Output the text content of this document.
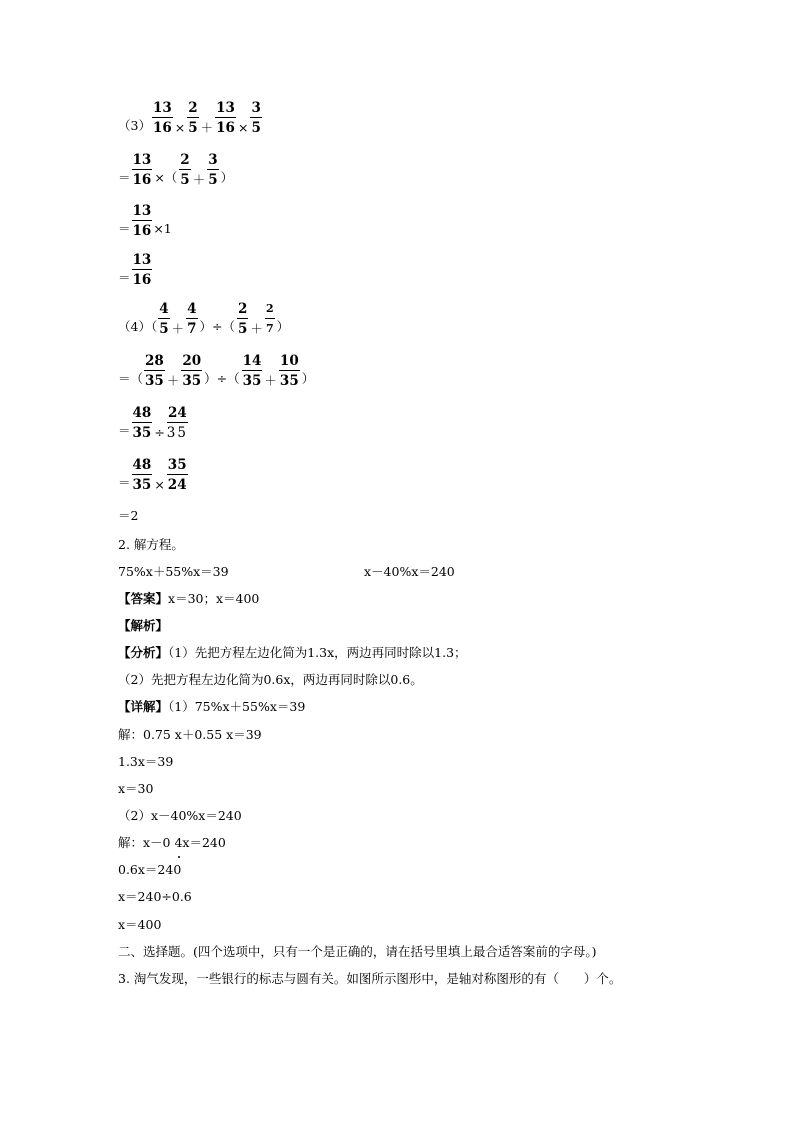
$(3) \frac{13}{16} \times \frac{2}{5} + \frac{13}{16} \times \frac{3}{5}$
＝ $\frac{13}{16}$ ×（ $\frac{2}{5} + \frac{3}{5}$ ）
＝ $\frac{13}{16} \times 1$
＝ $\frac{13}{16}$
$(4)( \frac{4}{5} + \frac{4}{7}$ ）÷（ $\frac{2}{5} + \frac{2}{7}$ ）
＝（ $\frac{28}{35} + \frac{20}{35}$ ）÷（ $\frac{14}{35} + \frac{10}{35}$ ）
＝ $\frac{48}{35} \div \frac{24}{35}$
＝ $\frac{48}{35} \times \frac{35}{24}$
＝2
2. 解方程。
75%x＋55%x＝39	x－40%x＝240
【答案】x＝30；x＝400
【解析】
【分析】（1）先把方程左边化简为1.3x，两边再同时除以1.3；
（2）先把方程左边化简为0.6x，两边再同时除以0.6。
【详解】（1）75%x＋55%x＝39
解：0.75 x＋0.55 x＝39
1.3x＝39
x＝30
（2）x－40%x＝240
解：x－0 4x＝240
0.6x＝240
x＝240÷0.6
x＝400
二、选择题。(四个选项中，只有一个是正确的，请在括号里填上最合适答案前的字母。)
3. 淘气发现，一些银行的标志与圆有关。如图所示图形中，是轴对称图形的有（　　）个。
